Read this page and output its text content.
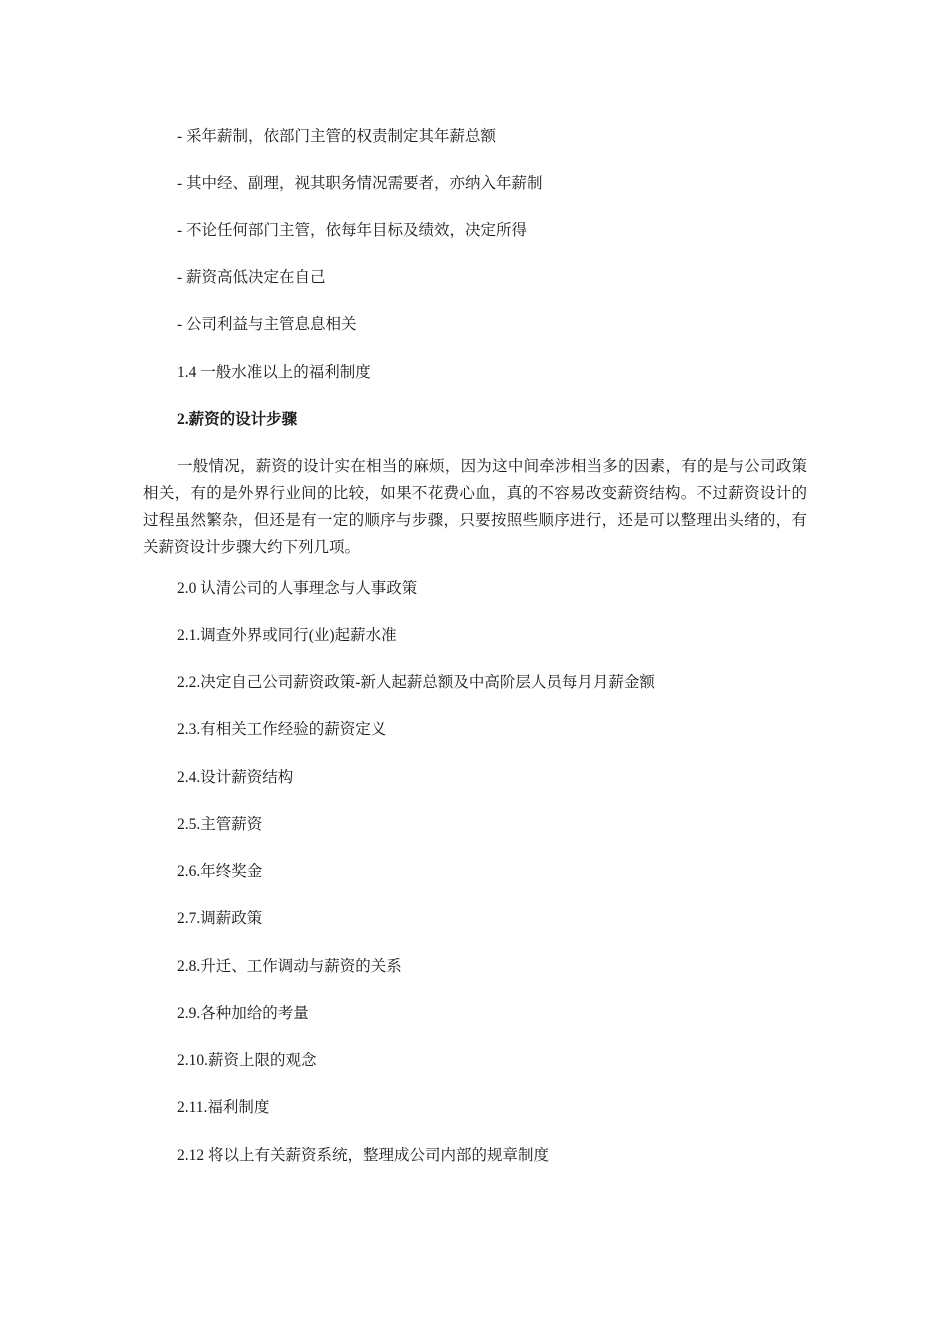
- 采年薪制，依部门主管的权责制定其年薪总额
- 其中经、副理，视其职务情况需要者，亦纳入年薪制
- 不论任何部门主管，依每年目标及绩效，决定所得
- 薪资高低决定在自己
- 公司利益与主管息息相关
1.4 一般水准以上的福利制度
2.薪资的设计步骤
一般情况，薪资的设计实在相当的麻烦，因为这中间牵涉相当多的因素，有的是与公司政策相关，有的是外界行业间的比较，如果不花费心血，真的不容易改变薪资结构。不过薪资设计的过程虽然繁杂，但还是有一定的顺序与步骤，只要按照些顺序进行，还是可以整理出头绪的，有关薪资设计步骤大约下列几项。
2.0 认清公司的人事理念与人事政策
2.1.调查外界或同行(业)起薪水准
2.2.决定自己公司薪资政策-新人起薪总额及中高阶层人员每月月薪金额
2.3.有相关工作经验的薪资定义
2.4.设计薪资结构
2.5.主管薪资
2.6.年终奖金
2.7.调薪政策
2.8.升迁、工作调动与薪资的关系
2.9.各种加给的考量
2.10.薪资上限的观念
2.11.福利制度
2.12 将以上有关薪资系统，整理成公司内部的规章制度
